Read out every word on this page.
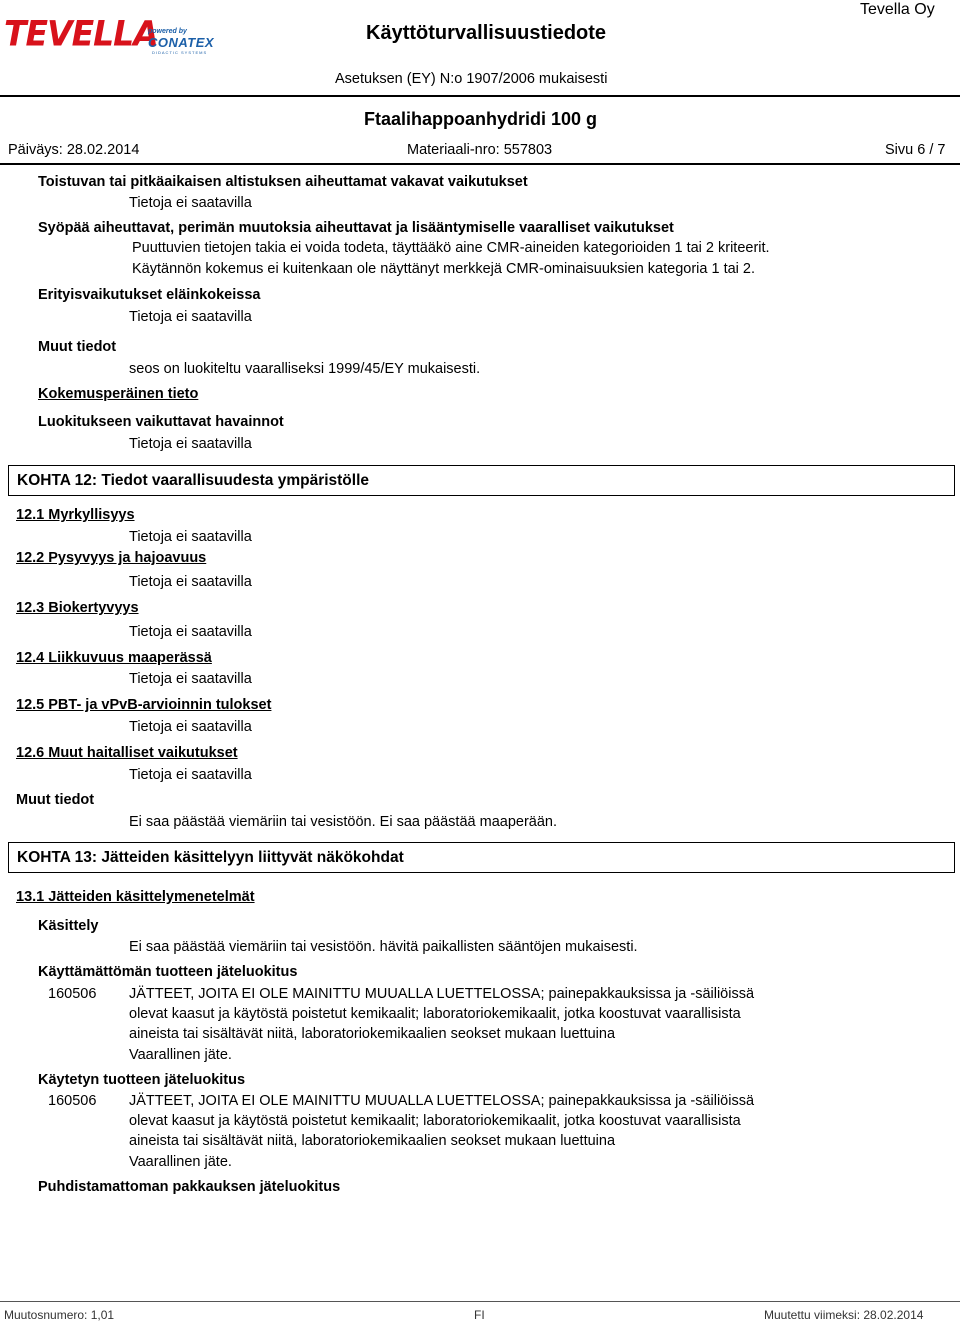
TEVELLA
powered by
CONATEX
DIDACTIC SYSTEMS
Käyttöturvallisuustiedote
Tevella Oy
Asetuksen (EY) N:o 1907/2006 mukaisesti
Ftaalihappoanhydridi 100 g
Päiväys: 28.02.2014	Materiaali-nro: 557803	Sivu 6 / 7
Toistuvan tai pitkäaikaisen altistuksen aiheuttamat vakavat vaikutukset
Tietoja ei saatavilla
Syöpää aiheuttavat, perimän muutoksia aiheuttavat ja lisääntymiselle vaaralliset vaikutukset
Puuttuvien tietojen takia ei voida todeta, täyttääkö aine CMR-aineiden kategorioiden 1 tai 2 kriteerit.
Käytännön kokemus ei kuitenkaan ole näyttänyt merkkejä CMR-ominaisuuksien kategoria 1 tai 2.
Erityisvaikutukset eläinkokeissa
Tietoja ei saatavilla
Muut tiedot
seos on luokiteltu vaaralliseksi 1999/45/EY mukaisesti.
Kokemusperäinen tieto
Luokitukseen vaikuttavat havainnot
Tietoja ei saatavilla
KOHTA 12: Tiedot vaarallisuudesta ympäristölle
12.1 Myrkyllisyys
Tietoja ei saatavilla
12.2 Pysyvyys ja hajoavuus
Tietoja ei saatavilla
12.3 Biokertyvyys
Tietoja ei saatavilla
12.4 Liikkuvuus maaperässä
Tietoja ei saatavilla
12.5 PBT- ja vPvB-arvioinnin tulokset
Tietoja ei saatavilla
12.6 Muut haitalliset vaikutukset
Tietoja ei saatavilla
Muut tiedot
Ei saa päästää viemäriin tai vesistöön. Ei saa päästää maaperään.
KOHTA 13: Jätteiden käsittelyyn liittyvät näkökohdat
13.1 Jätteiden käsittelymenetelmät
Käsittely
Ei saa päästää viemäriin tai vesistöön. hävitä paikallisten sääntöjen mukaisesti.
Käyttämättömän tuotteen jäteluokitus
160506 JÄTTEET, JOITA EI OLE MAINITTU MUUALLA LUETTELOSSA; painepakkauksissa ja -säiliöissä
olevat kaasut ja käytöstä poistetut kemikaalit; laboratoriokemikaalit, jotka koostuvat vaarallisista
aineista tai sisältävät niitä, laboratoriokemikaalien seokset mukaan luettuina
Vaarallinen jäte.
Käytetyn tuotteen jäteluokitus
160506 JÄTTEET, JOITA EI OLE MAINITTU MUUALLA LUETTELOSSA; painepakkauksissa ja -säiliöissä
olevat kaasut ja käytöstä poistetut kemikaalit; laboratoriokemikaalit, jotka koostuvat vaarallisista
aineista tai sisältävät niitä, laboratoriokemikaalien seokset mukaan luettuina
Vaarallinen jäte.
Puhdistamattoman pakkauksen jäteluokitus
Muutosnumero: 1,01	FI	Muutettu viimeksi: 28.02.2014
